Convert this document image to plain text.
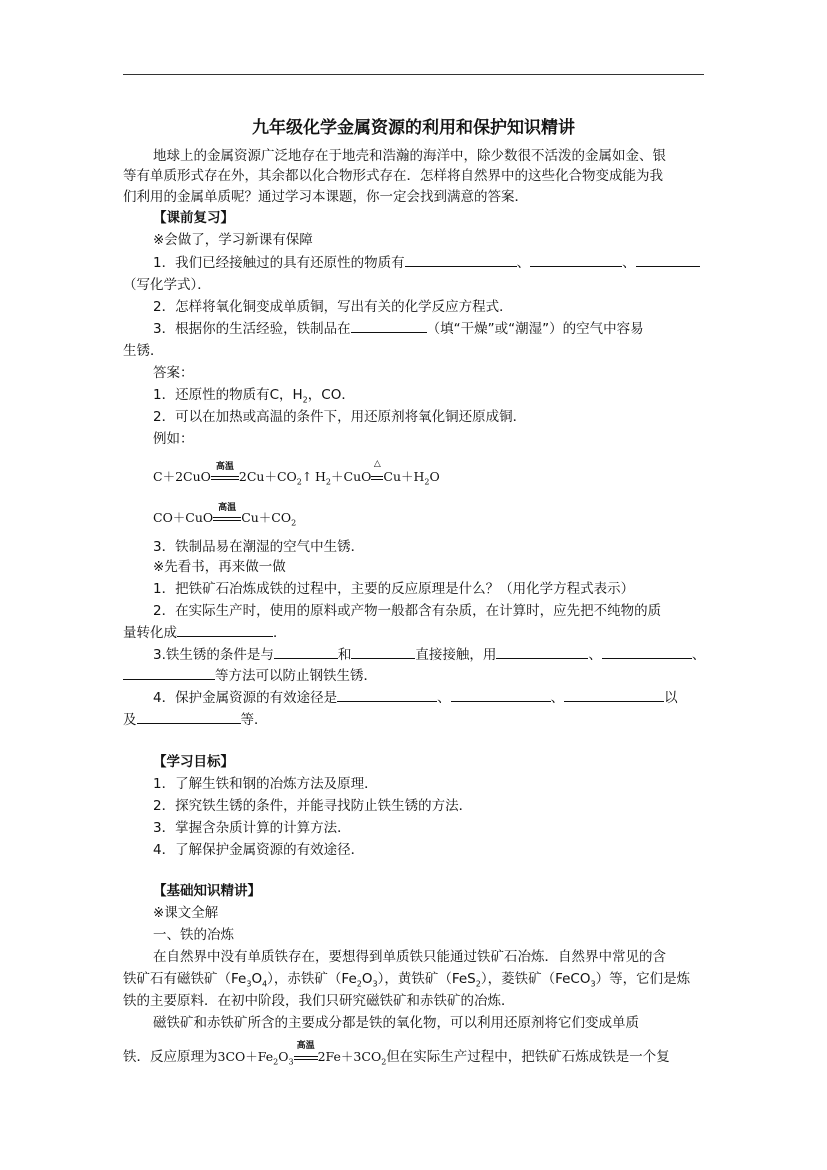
九年级化学金属资源的利用和保护知识精讲
地球上的金属资源广泛地存在于地壳和浩瀚的海洋中，除少数很不活泼的金属如金、银
等有单质形式存在外，其余都以化合物形式存在．怎样将自然界中的这些化合物变成能为我
们利用的金属单质呢？通过学习本课题，你一定会找到满意的答案．
【课前复习】
※会做了，学习新课有保障
1．我们已经接触过的具有还原性的物质有	、	、
（写化学式）．
2．怎样将氧化铜变成单质铜，写出有关的化学反应方程式．
3．根据你的生活经验，铁制品在	（填“干燥”或“潮湿”）的空气中容易
生锈．
答案：
1．还原性的物质有C，$H_2$，CO．
2．可以在加热或高温的条件下，用还原剂将氧化铜还原成铜．
例如：
C＋2CuO
高温
$2Cu+CO_2↑$ $H_2+CuO$
△
$Cu+H_2O$
CO＋CuO
高温
$Cu+CO_2$
3．铁制品易在潮湿的空气中生锈．
※先看书，再来做一做
1．把铁矿石冶炼成铁的过程中，主要的反应原理是什么？（用化学方程式表示）
2．在实际生产时，使用的原料或产物一般都含有杂质，在计算时，应先把不纯物的质
量转化成	．
3.铁生锈的条件是与	和	直接接触，用	、	、
等方法可以防止钢铁生锈．
4．保护金属资源的有效途径是	、	、	以
及	等．
【学习目标】
1．了解生铁和钢的冶炼方法及原理．
2．探究铁生锈的条件，并能寻找防止铁生锈的方法．
3．掌握含杂质计算的计算方法．
4．了解保护金属资源的有效途径．
【基础知识精讲】
※课文全解
一、铁的冶炼
在自然界中没有单质铁存在，要想得到单质铁只能通过铁矿石冶炼．自然界中常见的含
铁矿石有磁铁矿$(Fe_3O_4)$，赤铁矿$(Fe_2O_3)$，黄铁矿（FeS$_2$），菱铁矿（FeCO$_3$）等，它们是炼
铁的主要原料．在初中阶段，我们只研究磁铁矿和赤铁矿的冶炼．
磁铁矿和赤铁矿所含的主要成分都是铁的氧化物，可以利用还原剂将它们变成单质
铁．反应原理为$3CO+Fe_2O_3$
高温
$2Fe+3CO_2$但在实际生产过程中，把铁矿石炼成铁是一个复
